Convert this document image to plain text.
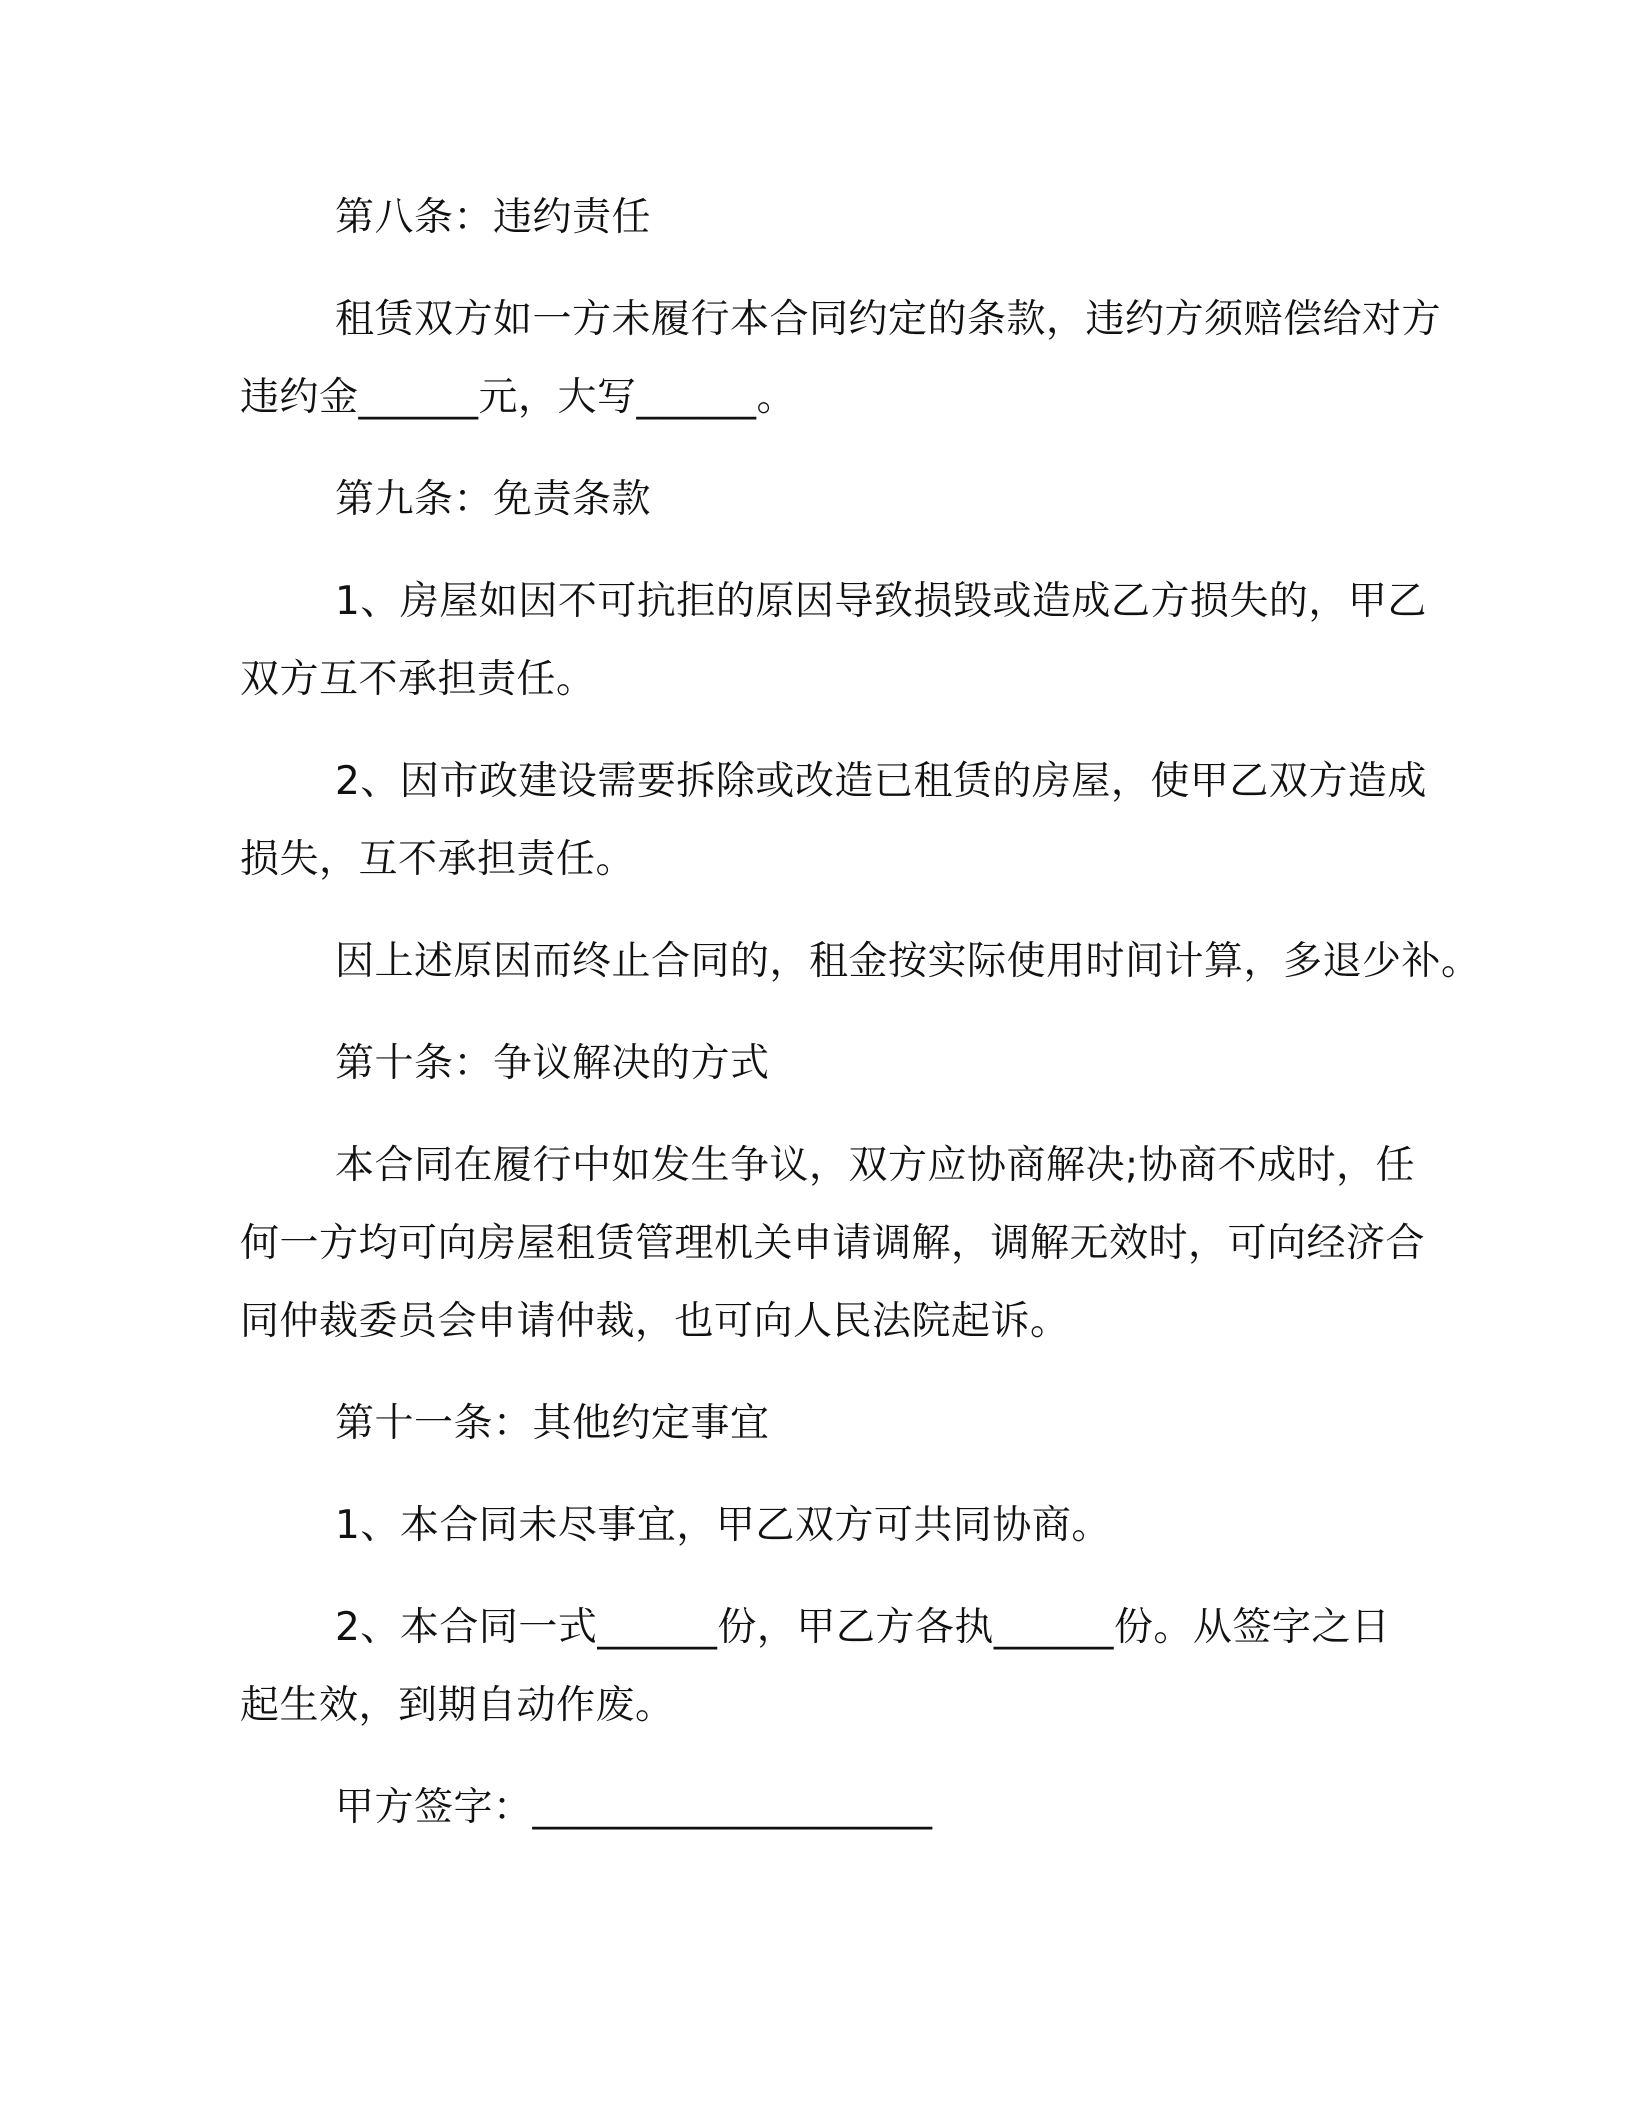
第八条：违约责任
租赁双方如一方未履行本合同约定的条款，违约方须赔偿给对方
违约金______元，大写______。
第九条：免责条款
1、房屋如因不可抗拒的原因导致损毁或造成乙方损失的，甲乙
双方互不承担责任。
2、因市政建设需要拆除或改造已租赁的房屋，使甲乙双方造成
损失，互不承担责任。
因上述原因而终止合同的，租金按实际使用时间计算，多退少补。
第十条：争议解决的方式
本合同在履行中如发生争议，双方应协商解决;协商不成时，任
何一方均可向房屋租赁管理机关申请调解，调解无效时，可向经济合
同仲裁委员会申请仲裁，也可向人民法院起诉。
第十一条：其他约定事宜
1、本合同未尽事宜，甲乙双方可共同协商。
2、本合同一式______份，甲乙方各执______份。从签字之日
起生效，到期自动作废。
甲方签字：____________________
